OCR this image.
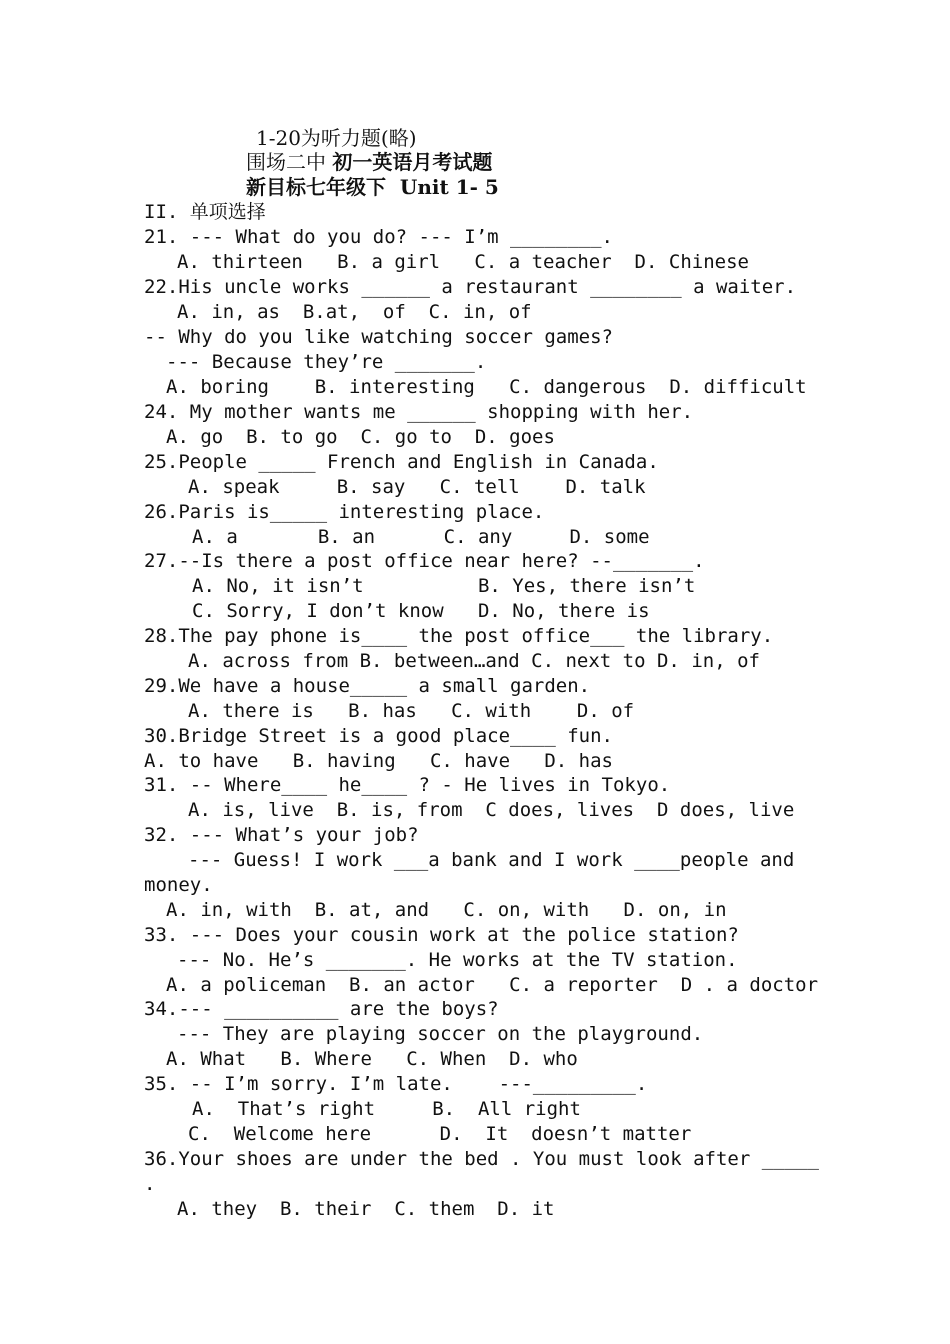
1-20为听力题(略)
围场二中 初一英语月考试题
新目标七年级下  Unit 1- 5
II. 单项选择
21. --- What do you do? --- I’m ________.
A. thirteen   B. a girl   C. a teacher  D. Chinese
22.His uncle works ______ a restaurant ________ a waiter.
A. in, as  B.at,  of  C. in, of
-- Why do you like watching soccer games?
--- Because they’re _______.
A. boring    B. interesting   C. dangerous  D. difficult
24. My mother wants me ______ shopping with her.
A. go  B. to go  C. go to  D. goes
25.People _____ French and English in Canada.
A. speak     B. say   C. tell    D. talk
26.Paris is_____ interesting place.
A. a       B. an      C. any     D. some
27.--Is there a post office near here? --_______.
A. No, it isn’t          B. Yes, there isn’t
C. Sorry, I don’t know   D. No, there is
28.The pay phone is____ the post office___ the library.
A. across from B. between…and C. next to D. in, of
29.We have a house_____ a small garden.
A. there is   B. has   C. with    D. of
30.Bridge Street is a good place____ fun.
A. to have   B. having   C. have   D. has
31. -- Where____ he____ ? - He lives in Tokyo.
A. is, live  B. is, from  C does, lives  D does, live
32. --- What’s your job?
--- Guess! I work ___a bank and I work ____people and
money.
A. in, with  B. at, and   C. on, with   D. on, in
33. --- Does your cousin work at the police station?
--- No. He’s _______. He works at the TV station.
A. a policeman  B. an actor   C. a reporter  D . a doctor
34.--- __________ are the boys?
--- They are playing soccer on the playground.
A. What   B. Where   C. When  D. who
35. -- I’m sorry. I’m late.    ---_________.
A.  That’s right     B.  All right
C.  Welcome here      D.  It  doesn’t matter
36.Your shoes are under the bed . You must look after _____
.
A. they  B. their  C. them  D. it
